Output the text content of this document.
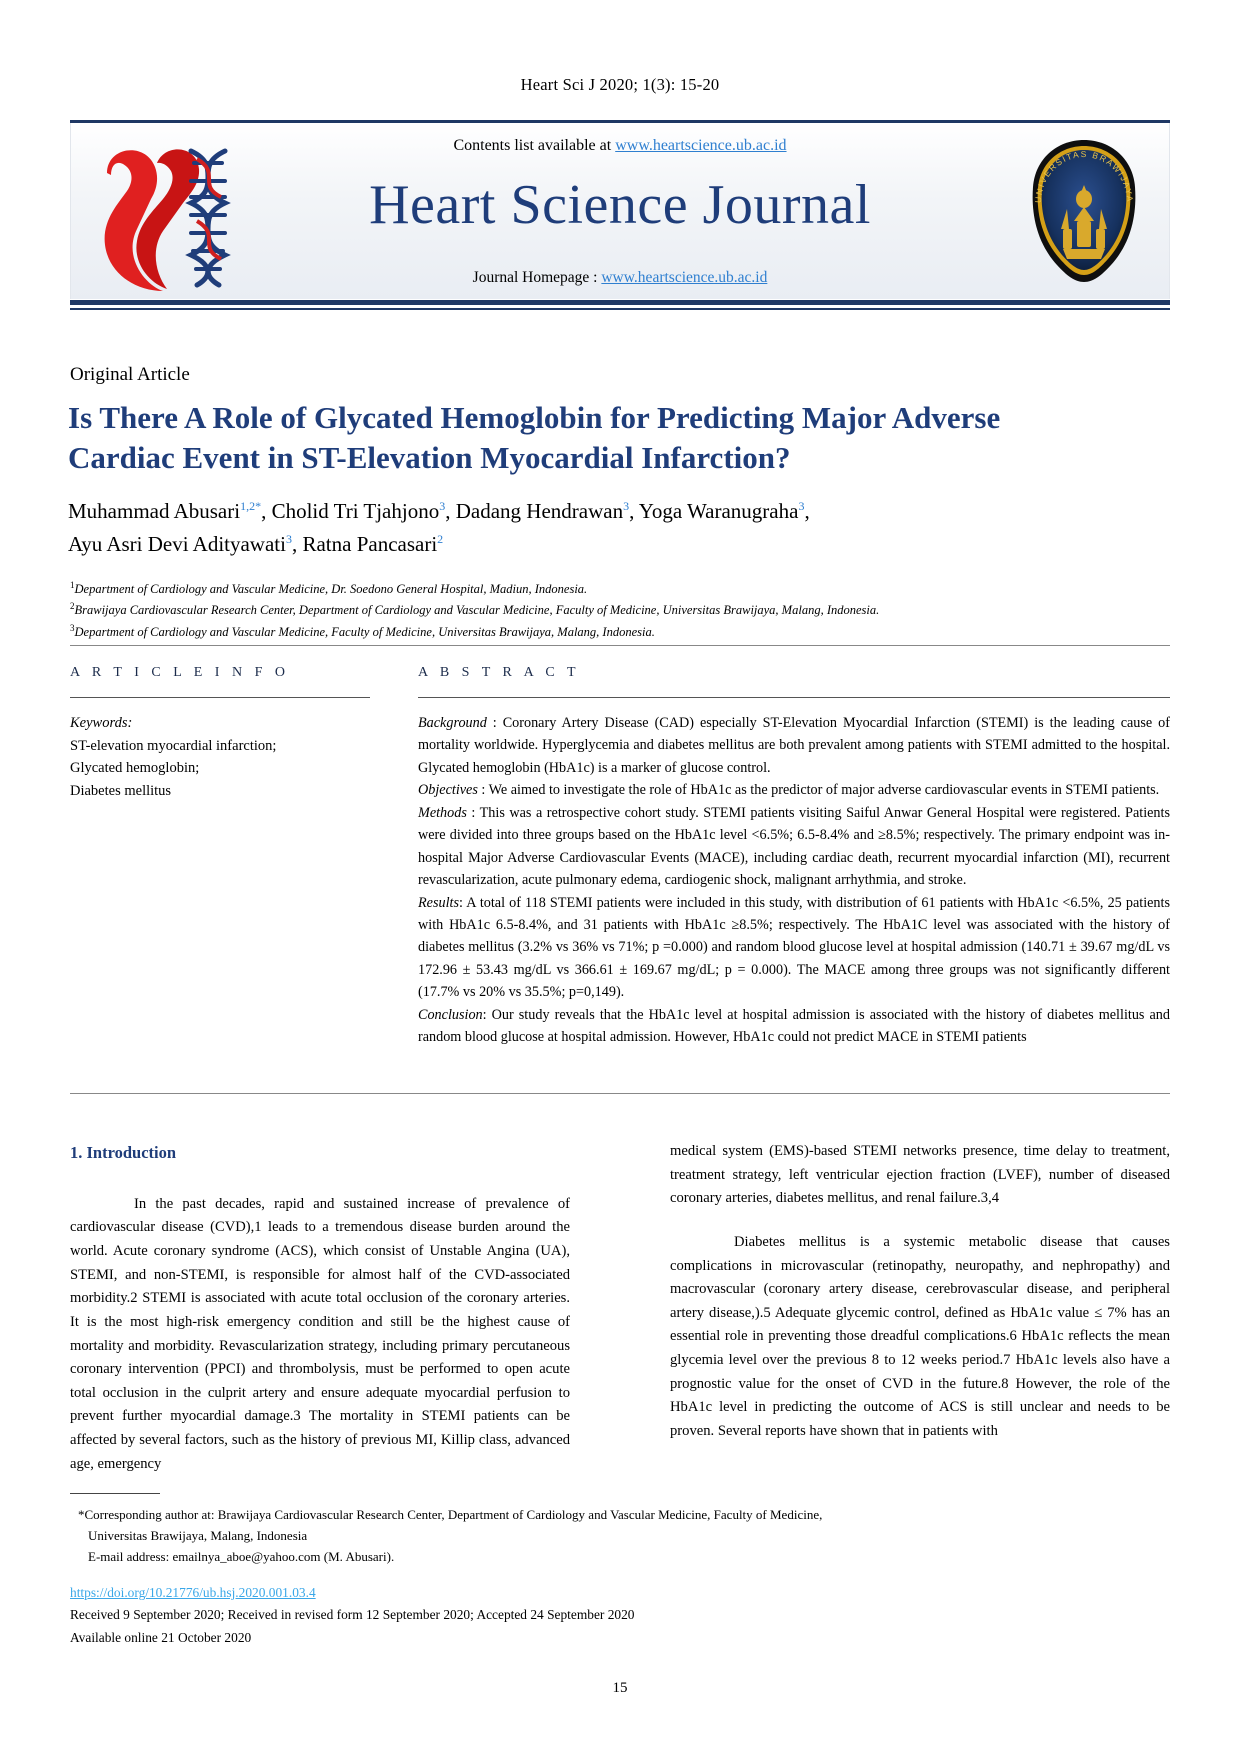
Heart Sci J 2020; 1(3): 15-20
Contents list available at www.heartscience.ub.ac.id
Heart Science Journal
Journal Homepage : www.heartscience.ub.ac.id
UNIVERSITAS BRAWIJAYA
Original Article
Is There A Role of Glycated Hemoglobin for Predicting Major Adverse Cardiac Event in ST-Elevation Myocardial Infarction?
Muhammad Abusari$^{1,2*}$, Cholid Tri Tjahjono$^3$, Dadang Hendrawan$^3$, Yoga Waranugraha$^3$,
Ayu Asri Devi Adityawati$^3$, Ratna Pancasari$^2$
$^1$Department of Cardiology and Vascular Medicine, Dr. Soedono General Hospital, Madiun, Indonesia.
$^2$Brawijaya Cardiovascular Research Center, Department of Cardiology and Vascular Medicine, Faculty of Medicine, Universitas Brawijaya, Malang, Indonesia.
$^3$Department of Cardiology and Vascular Medicine, Faculty of Medicine, Universitas Brawijaya, Malang, Indonesia.
A R T I C L E I N F O
Keywords:
ST-elevation myocardial infarction;
Glycated hemoglobin;
Diabetes mellitus
A B S T R A C T

Background : Coronary Artery Disease (CAD) especially ST-Elevation Myocardial Infarction (STEMI) is the leading cause of mortality worldwide. Hyperglycemia and diabetes mellitus are both prevalent among patients with STEMI admitted to the hospital. Glycated hemoglobin (HbA1c) is a marker of glucose control.

Objectives : We aimed to investigate the role of HbA1c as the predictor of major adverse cardiovascular events in STEMI patients.

Methods : This was a retrospective cohort study. STEMI patients visiting Saiful Anwar General Hospital were registered. Patients were divided into three groups based on the HbA1c level <6.5%; 6.5-8.4% and ≥8.5%; respectively. The primary endpoint was in-hospital Major Adverse Cardiovascular Events (MACE), including cardiac death, recurrent myocardial infarction (MI), recurrent revascularization, acute pulmonary edema, cardiogenic shock, malignant arrhythmia, and stroke.

Results: A total of 118 STEMI patients were included in this study, with distribution of 61 patients with HbA1c <6.5%, 25 patients with HbA1c 6.5-8.4%, and 31 patients with HbA1c ≥8.5%; respectively. The HbA1C level was associated with the history of diabetes mellitus (3.2% vs 36% vs 71%; p =0.000) and random blood glucose level at hospital admission (140.71 ± 39.67 mg/dL vs 172.96 ± 53.43 mg/dL vs 366.61 ± 169.67 mg/dL; p = 0.000). The MACE among three groups was not significantly different (17.7% vs 20% vs 35.5%; p=0,149).

Conclusion: Our study reveals that the HbA1c level at hospital admission is associated with the history of diabetes mellitus and random blood glucose at hospital admission. However, HbA1c could not predict MACE in STEMI patients

1. Introduction

In the past decades, rapid and sustained increase of prevalence of cardiovascular disease (CVD),1 leads to a tremendous disease burden around the world. Acute coronary syndrome (ACS), which consist of Unstable Angina (UA), STEMI, and non-STEMI, is responsible for almost half of the CVD-associated morbidity.2 STEMI is associated with acute total occlusion of the coronary arteries. It is the most high-risk emergency condition and still be the highest cause of mortality and morbidity. Revascularization strategy, including primary percutaneous coronary intervention (PPCI) and thrombolysis, must be performed to open acute total occlusion in the culprit artery and ensure adequate myocardial perfusion to prevent further myocardial damage.3 The mortality in STEMI patients can be affected by several factors, such as the history of previous MI, Killip class, advanced age, emergency

medical system (EMS)-based STEMI networks presence, time delay to treatment, treatment strategy, left ventricular ejection fraction (LVEF), number of diseased coronary arteries, diabetes mellitus, and renal failure.3,4

Diabetes mellitus is a systemic metabolic disease that causes complications in microvascular (retinopathy, neuropathy, and nephropathy) and macrovascular (coronary artery disease, cerebrovascular disease, and peripheral artery disease,).5 Adequate glycemic control, defined as HbA1c value ≤ 7% has an essential role in preventing those dreadful complications.6 HbA1c reflects the mean glycemia level over the previous 8 to 12 weeks period.7 HbA1c levels also have a prognostic value for the onset of CVD in the future.8 However, the role of the HbA1c level in predicting the outcome of ACS is still unclear and needs to be proven. Several reports have shown that in patients with

*Corresponding author at: Brawijaya Cardiovascular Research Center, Department of Cardiology and Vascular Medicine, Faculty of Medicine,
Universitas Brawijaya, Malang, Indonesia
E-mail address: emailnya_aboe@yahoo.com (M. Abusari).
https://doi.org/10.21776/ub.hsj.2020.001.03.4
Received 9 September 2020; Received in revised form 12 September 2020; Accepted 24 September 2020
Available online 21 October 2020
15
